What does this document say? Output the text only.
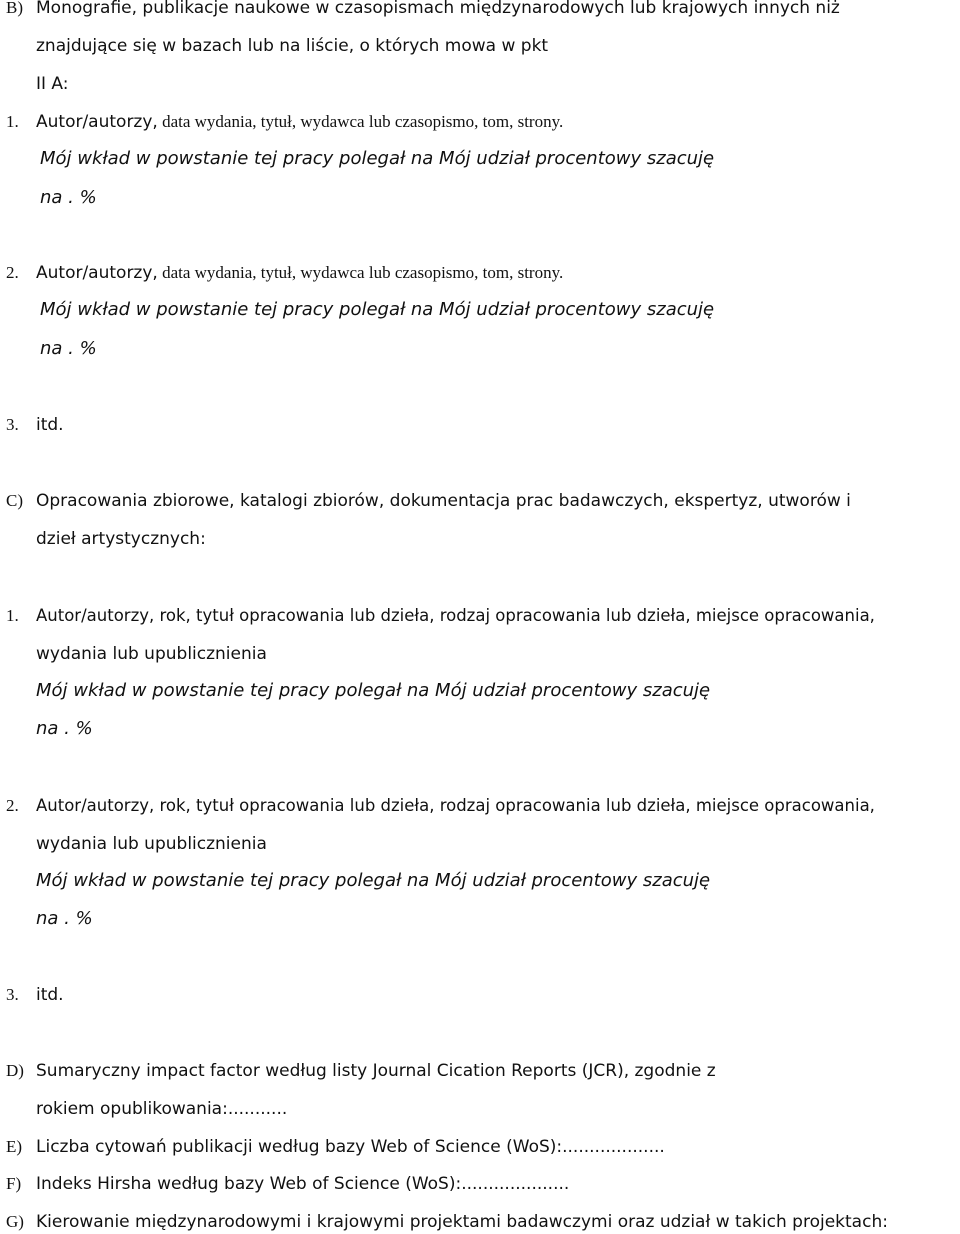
B) Monografie, publikacje naukowe w czasopismach międzynarodowych lub krajowych innych niż
znajdujące się w bazach lub na liście, o których mowa w pkt
II A:
1. Autor/autorzy, data wydania, tytuł, wydawca lub czasopismo, tom, strony.
Mój wkład w powstanie tej pracy polegał na Mój udział procentowy szacuję
na . %
2. Autor/autorzy, data wydania, tytuł, wydawca lub czasopismo, tom, strony.
Mój wkład w powstanie tej pracy polegał na Mój udział procentowy szacuję
na . %
3. itd.
C) Opracowania zbiorowe, katalogi zbiorów, dokumentacja prac badawczych, ekspertyz, utworów i
dzieł artystycznych:
1. Autor/autorzy, rok, tytuł opracowania lub dzieła, rodzaj opracowania lub dzieła, miejsce opracowania,
wydania lub upublicznienia
Mój wkład w powstanie tej pracy polegał na Mój udział procentowy szacuję
na . %
2. Autor/autorzy, rok, tytuł opracowania lub dzieła, rodzaj opracowania lub dzieła, miejsce opracowania,
wydania lub upublicznienia
Mój wkład w powstanie tej pracy polegał na Mój udział procentowy szacuję
na . %
3. itd.
D) Sumaryczny impact factor według listy Journal Cication Reports (JCR), zgodnie z
rokiem opublikowania:...........
E) Liczba cytowań publikacji według bazy Web of Science (WoS):...................
F) Indeks Hirsha według bazy Web of Science (WoS):....................
G) Kierowanie międzynarodowymi i krajowymi projektami badawczymi oraz udział w takich projektach:
